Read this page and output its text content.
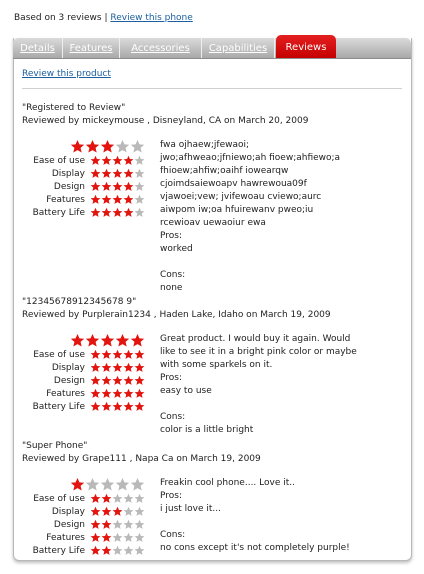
Based on 3 reviews | Review this phone
Details	Features	Accessories	Capabilities	Reviews
Review this product
"Registered to Review"
Reviewed by mickeymouse , Disneyland, CA on March 20, 2009
Ease of use
Display
Design
Features
Battery Life
fwa ojhaew;jfewaoi;
jwo;afhweao;jfniewo;ah fioew;ahfiewo;a
fhioew;ahfiw;oaihf iowearqw
cjoimdsaiewoapv hawrewoua09f
vjawoei;vew; jvifewoau cviewo;aurc
aiwpom iw;oa hfuirewanv pweo;iu
rcewioav uewaoiur ewa
Pros:
worked
Cons:
none
"12345678912345678 9"
Reviewed by Purplerain1234 , Haden Lake, Idaho on March 19, 2009
Ease of use
Display
Design
Features
Battery Life
Great product. I would buy it again. Would
like to see it in a bright pink color or maybe
with some sparkels on it.
Pros:
easy to use
Cons:
color is a little bright
"Super Phone"
Reviewed by Grape111 , Napa Ca on March 19, 2009
Ease of use
Display
Design
Features
Battery Life
Freakin cool phone.... Love it..
Pros:
i just love it...
Cons:
no cons except it's not completely purple!
